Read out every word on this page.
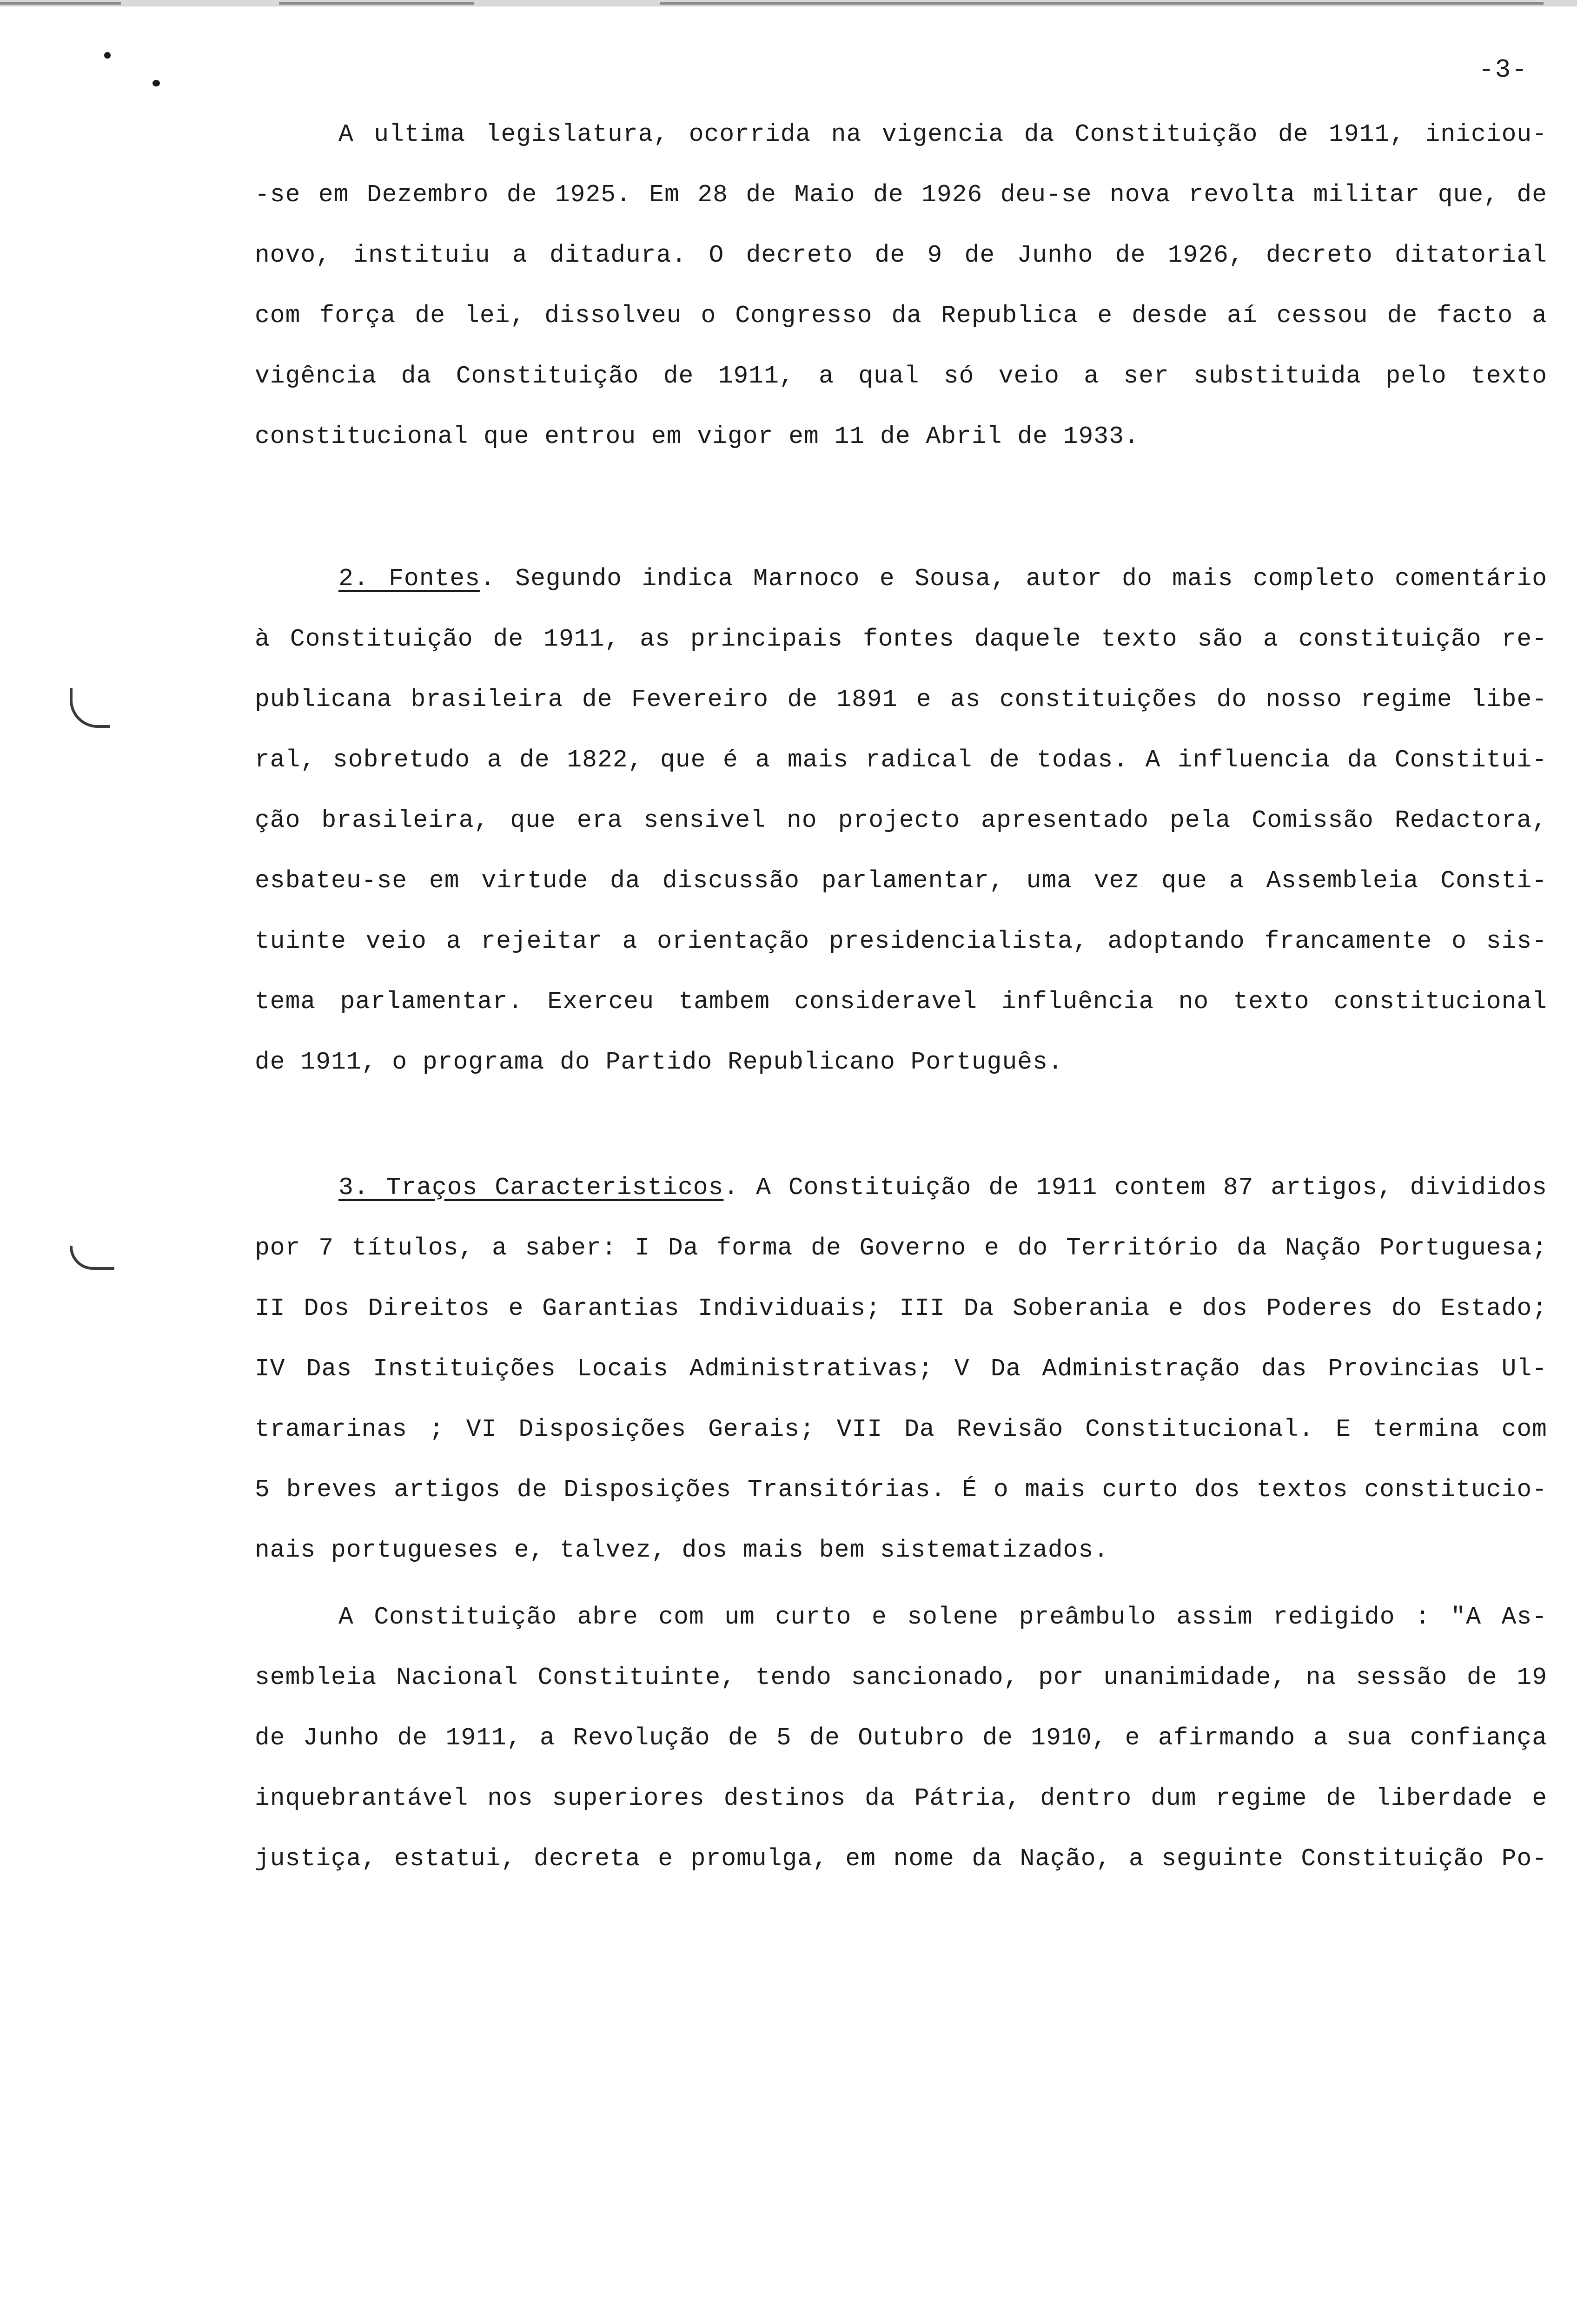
-3-
A ultima legislatura, ocorrida na vigencia da Constituição de 1911, iniciou-
-se em Dezembro de 1925. Em 28 de Maio de 1926 deu-se nova revolta militar que, de
novo, instituiu a ditadura. O decreto de 9 de Junho de 1926, decreto ditatorial
com força de lei, dissolveu o Congresso da Republica e desde aí cessou de facto a
vigência da Constituição de 1911, a qual só veio a ser substituida pelo texto
constitucional que entrou em vigor em 11 de Abril de 1933.
2. Fontes. Segundo indica Marnoco e Sousa, autor do mais completo comentário
à Constituição de 1911, as principais fontes daquele texto são a constituição re-
publicana brasileira de Fevereiro de 1891 e as constituições do nosso regime libe-
ral, sobretudo a de 1822, que é a mais radical de todas. A influencia da Constitui-
ção brasileira, que era sensivel no projecto apresentado pela Comissão Redactora,
esbateu-se em virtude da discussão parlamentar, uma vez que a Assembleia Consti-
tuinte veio a rejeitar a orientação presidencialista, adoptando francamente o sis-
tema parlamentar. Exerceu tambem consideravel influência no texto constitucional
de 1911, o programa do Partido Republicano Português.
3. Traços Caracteristicos. A Constituição de 1911 contem 87 artigos, divididos
por 7 títulos, a saber: I Da forma de Governo e do Território da Nação Portuguesa;
II Dos Direitos e Garantias Individuais; III Da Soberania e dos Poderes do Estado;
IV Das Instituições Locais Administrativas; V Da Administração das Provincias Ul-
tramarinas ; VI Disposições Gerais; VII Da Revisão Constitucional. E termina com
5 breves artigos de Disposições Transitórias. É o mais curto dos textos constitucio-
nais portugueses e, talvez, dos mais bem sistematizados.
A Constituição abre com um curto e solene preâmbulo assim redigido : "A As-
sembleia Nacional Constituinte, tendo sancionado, por unanimidade, na sessão de 19
de Junho de 1911, a Revolução de 5 de Outubro de 1910, e afirmando a sua confiança
inquebrantável nos superiores destinos da Pátria, dentro dum regime de liberdade e
justiça, estatui, decreta e promulga, em nome da Nação, a seguinte Constituição Po-
